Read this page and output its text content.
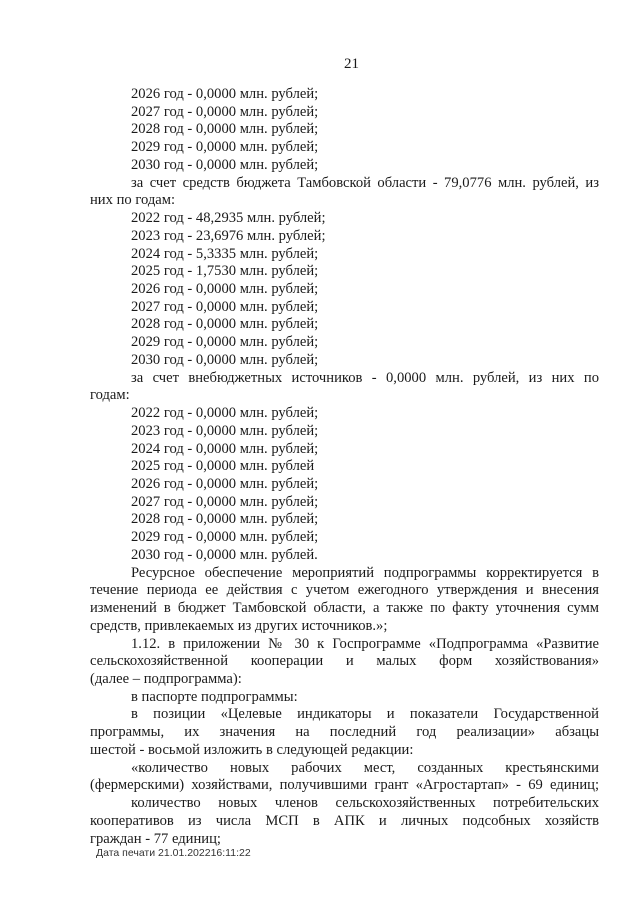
21
2026 год - 0,0000 млн. рублей;
2027 год - 0,0000 млн. рублей;
2028 год - 0,0000 млн. рублей;
2029 год - 0,0000 млн. рублей;
2030 год - 0,0000 млн. рублей;
за счет средств бюджета Тамбовской области - 79,0776 млн. рублей, из
них по годам:
2022 год - 48,2935 млн. рублей;
2023 год - 23,6976 млн. рублей;
2024 год - 5,3335 млн. рублей;
2025 год - 1,7530 млн. рублей;
2026 год - 0,0000 млн. рублей;
2027 год - 0,0000 млн. рублей;
2028 год - 0,0000 млн. рублей;
2029 год - 0,0000 млн. рублей;
2030 год - 0,0000 млн. рублей;
за счет внебюджетных источников - 0,0000 млн. рублей, из них по
годам:
2022 год - 0,0000 млн. рублей;
2023 год - 0,0000 млн. рублей;
2024 год - 0,0000 млн. рублей;
2025 год - 0,0000 млн. рублей
2026 год - 0,0000 млн. рублей;
2027 год - 0,0000 млн. рублей;
2028 год - 0,0000 млн. рублей;
2029 год - 0,0000 млн. рублей;
2030 год - 0,0000 млн. рублей.
Ресурсное обеспечение мероприятий подпрограммы корректируется в
течение периода ее действия с учетом ежегодного утверждения и внесения
изменений в бюджет Тамбовской области, а также по факту уточнения сумм
средств, привлекаемых из других источников.»;
1.12. в приложении № 30 к Госпрограмме «Подпрограмма «Развитие
сельскохозяйственной кооперации и малых форм хозяйствования»
(далее – подпрограмма):
в паспорте подпрограммы:
в позиции «Целевые индикаторы и показатели Государственной
программы, их значения на последний год реализации» абзацы
шестой - восьмой изложить в следующей редакции:
«количество новых рабочих мест, созданных крестьянскими
(фермерскими) хозяйствами, получившими грант «Агростартап» - 69 единиц;
количество новых членов сельскохозяйственных потребительских
кооперативов из числа МСП в АПК и личных подсобных хозяйств
граждан - 77 единиц;
Дата печати 21.01.202216:11:22
